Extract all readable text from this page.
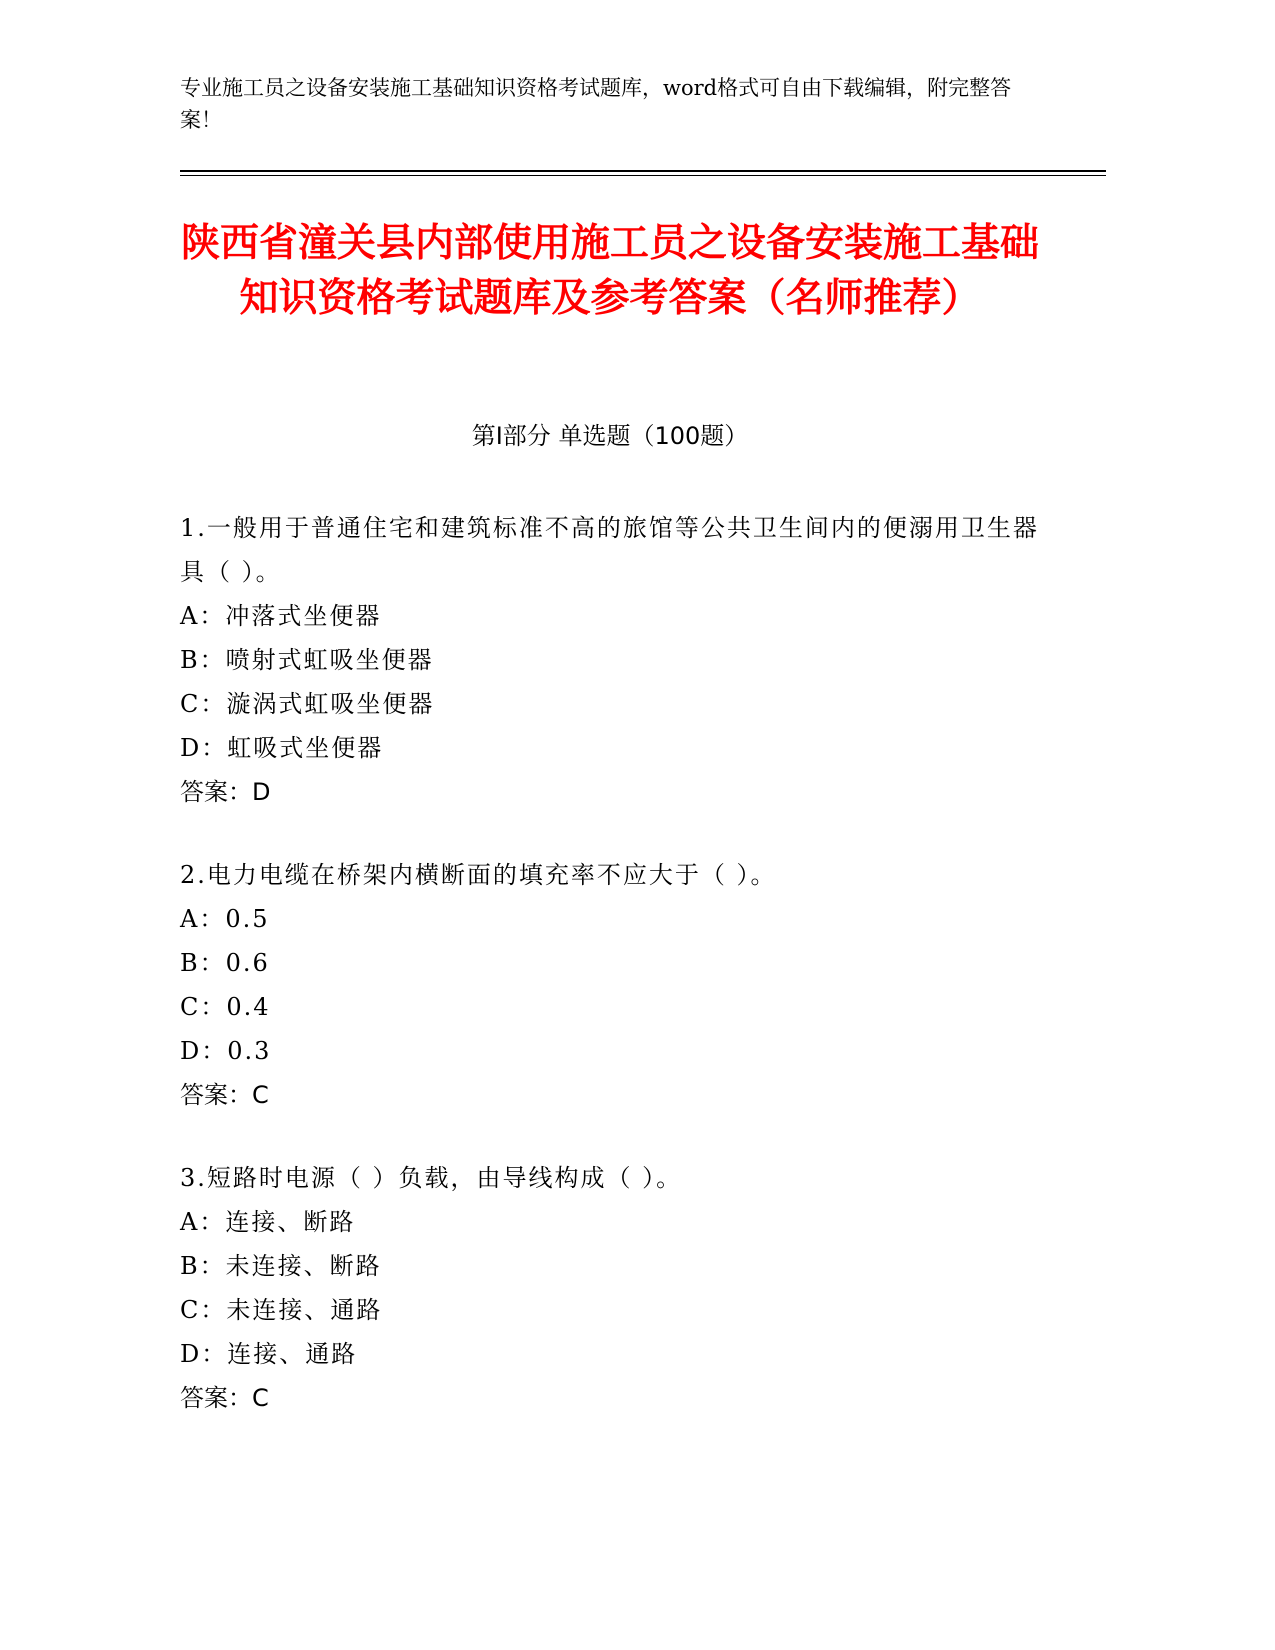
专业施工员之设备安装施工基础知识资格考试题库，word格式可自由下载编辑，附完整答案！
陕西省潼关县内部使用施工员之设备安装施工基础知识资格考试题库及参考答案（名师推荐）
第Ⅰ部分 单选题（100题）
1.一般用于普通住宅和建筑标准不高的旅馆等公共卫生间内的便溺用卫生器具（ ）。
A：冲落式坐便器
B：喷射式虹吸坐便器
C：漩涡式虹吸坐便器
D：虹吸式坐便器
答案：D
2.电力电缆在桥架内横断面的填充率不应大于（ ）。
A：0.5
B：0.6
C：0.4
D：0.3
答案：C
3.短路时电源（ ）负载，由导线构成（ ）。
A：连接、断路
B：未连接、断路
C：未连接、通路
D：连接、通路
答案：C
